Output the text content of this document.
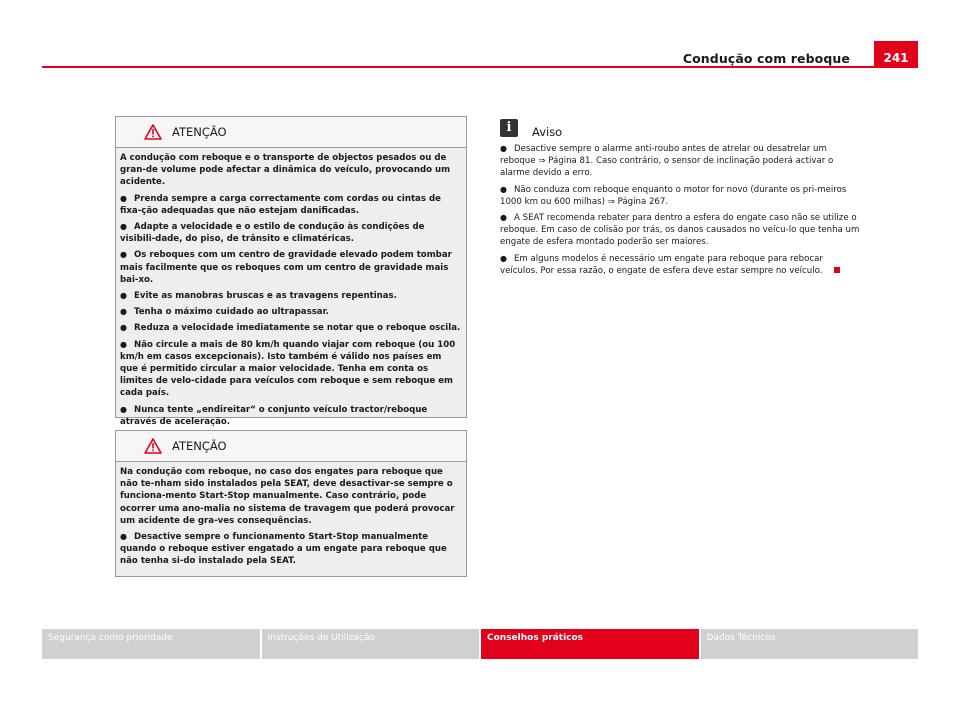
Condução com reboque	241
ATENÇÃO

A condução com reboque e o transporte de objectos pesados ou de gran-de volume pode afectar a dinâmica do veículo, provocando um acidente.

● Prenda sempre a carga correctamente com cordas ou cintas de fixa-ção adequadas que não estejam danificadas.

● Adapte a velocidade e o estilo de condução às condições de visibili-dade, do piso, de trânsito e climatéricas.

● Os reboques com um centro de gravidade elevado podem tombar mais facilmente que os reboques com um centro de gravidade mais bai-xo.

● Evite as manobras bruscas e as travagens repentinas.

● Tenha o máximo cuidado ao ultrapassar.

● Reduza a velocidade imediatamente se notar que o reboque oscila.

● Não circule a mais de 80 km/h quando viajar com reboque (ou 100 km/h em casos excepcionais). Isto também é válido nos países em que é permitido circular a maior velocidade. Tenha em conta os limites de velo-cidade para veículos com reboque e sem reboque em cada país.

● Nunca tente „endireitar“ o conjunto veículo tractor/reboque através de aceleração.

ATENÇÃO

Na condução com reboque, no caso dos engates para reboque que não te-nham sido instalados pela SEAT, deve desactivar-se sempre o funciona-mento Start-Stop manualmente. Caso contrário, pode ocorrer uma ano-malia no sistema de travagem que poderá provocar um acidente de gra-ves consequências.

● Desactive sempre o funcionamento Start-Stop manualmente quando o reboque estiver engatado a um engate para reboque que não tenha si-do instalado pela SEAT.

i	Aviso

● Desactive sempre o alarme anti-roubo antes de atrelar ou desatrelar um reboque ⇒ Página 81. Caso contrário, o sensor de inclinação poderá activar o alarme devido a erro.

● Não conduza com reboque enquanto o motor for novo (durante os pri-meiros 1000 km ou 600 milhas) ⇒ Página 267.

● A SEAT recomenda rebater para dentro a esfera do engate caso não se utilize o reboque. Em caso de colisão por trás, os danos causados no veícu-lo que tenha um engate de esfera montado poderão ser maiores.

● Em alguns modelos é necessário um engate para reboque para rebocar veículos. Por essa razão, o engate de esfera deve estar sempre no veículo.

Segurança como prioridade	Instruções de Utilização	Conselhos práticos	Dados Técnicos
